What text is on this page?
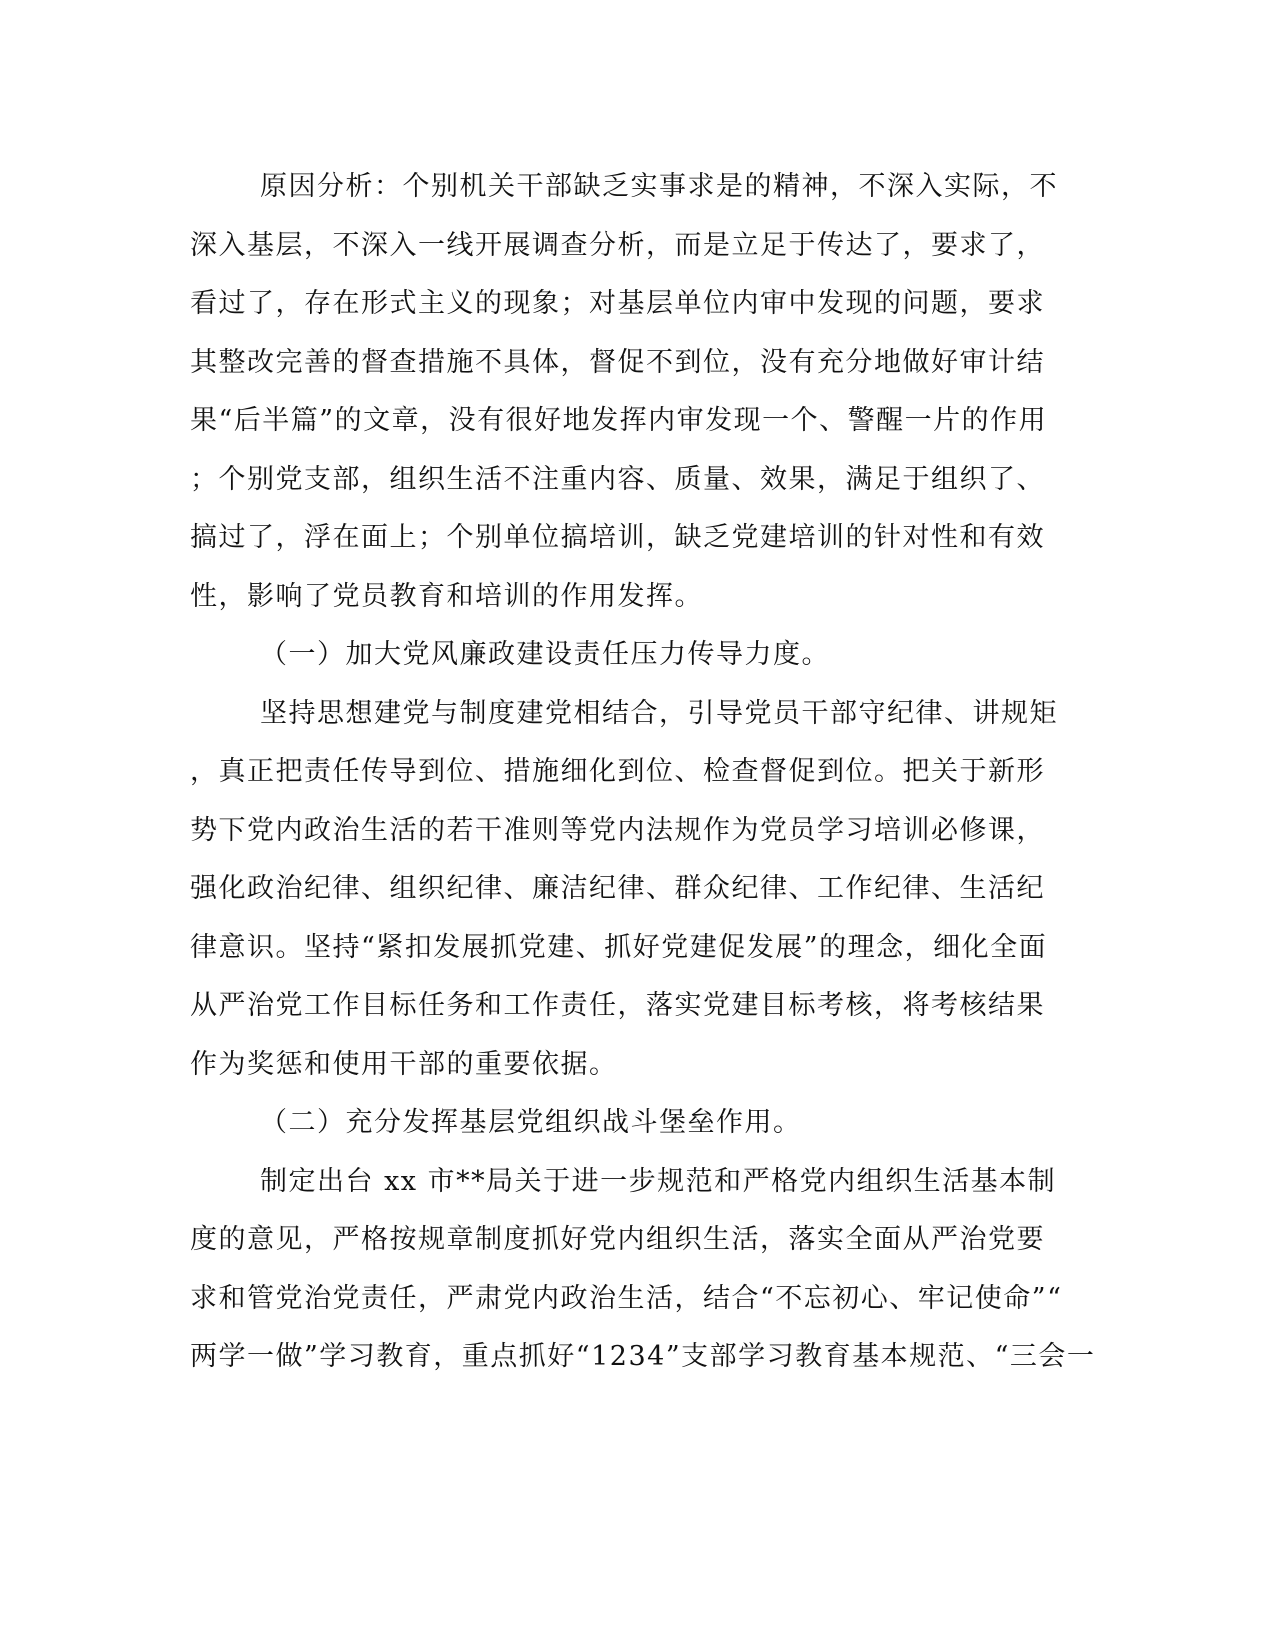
原因分析：个别机关干部缺乏实事求是的精神，不深入实际，不
深入基层，不深入一线开展调查分析，而是立足于传达了，要求了，
看过了，存在形式主义的现象；对基层单位内审中发现的问题，要求
其整改完善的督查措施不具体，督促不到位，没有充分地做好审计结
果“后半篇”的文章，没有很好地发挥内审发现一个、警醒一片的作用
；个别党支部，组织生活不注重内容、质量、效果，满足于组织了、
搞过了，浮在面上；个别单位搞培训，缺乏党建培训的针对性和有效
性，影响了党员教育和培训的作用发挥。
（一）加大党风廉政建设责任压力传导力度。
坚持思想建党与制度建党相结合，引导党员干部守纪律、讲规矩
，真正把责任传导到位、措施细化到位、检查督促到位。把关于新形
势下党内政治生活的若干准则等党内法规作为党员学习培训必修课，
强化政治纪律、组织纪律、廉洁纪律、群众纪律、工作纪律、生活纪
律意识。坚持“紧扣发展抓党建、抓好党建促发展”的理念，细化全面
从严治党工作目标任务和工作责任，落实党建目标考核，将考核结果
作为奖惩和使用干部的重要依据。
（二）充分发挥基层党组织战斗堡垒作用。
制定出台 xx 市**局关于进一步规范和严格党内组织生活基本制
度的意见，严格按规章制度抓好党内组织生活，落实全面从严治党要
求和管党治党责任，严肃党内政治生活，结合“不忘初心、牢记使命”“
两学一做”学习教育，重点抓好“1234”支部学习教育基本规范、“三会一
